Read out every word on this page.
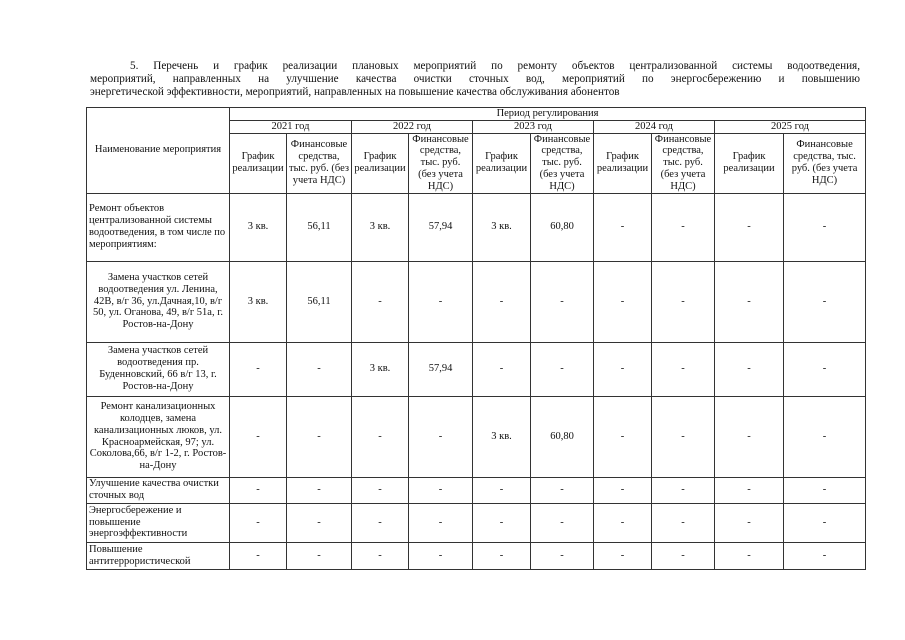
5. Перечень и график реализации плановых мероприятий по ремонту объектов централизованной системы водоотведения,
мероприятий, направленных на улучшение качества очистки сточных вод, мероприятий по энергосбережению и повышению
энергетической эффективности, мероприятий, направленных на повышение качества обслуживания абонентов

Наименование мероприятия	Период регулирования									
	2021 год		2022 год		2023 год		2024 год		2025 год	
	График реализации	Финансовые средства, тыс. руб. (без учета НДС)	График реализации	Финансовые средства, тыс. руб. (без учета НДС)	График реализации	Финансовые средства, тыс. руб. (без учета НДС)	График реализации	Финансовые средства, тыс. руб. (без учета НДС)	График реализации	Финансовые средства, тыс. руб. (без учета НДС)
Ремонт объектов централизованной системы водоотведения, в том числе по мероприятиям:	3 кв.	56,11	3 кв.	57,94	3 кв.	60,80	-	-	-	-
Замена участков сетей водоотведения ул. Ленина, 42В, в/г 36, ул.Дачная,10, в/г 50, ул. Оганова, 49, в/г 51а, г. Ростов-на-Дону	3 кв.	56,11	-	-	-	-	-	-	-	-
Замена участков сетей водоотведения пр. Буденновский, 66 в/г 13, г. Ростов-на-Дону	-	-	3 кв.	57,94	-	-	-	-	-	-
Ремонт канализационных колодцев, замена канализационных люков, ул. Красноармейская, 97; ул. Соколова,66, в/г 1-2, г. Ростов-на-Дону	-	-	-	-	3 кв.	60,80	-	-	-	-
Улучшение качества очистки сточных вод	-	-	-	-	-	-	-	-	-	-
Энергосбережение и повышение энергоэффективности	-	-	-	-	-	-	-	-	-	-
Повышение антитеррористической	-	-	-	-	-	-	-	-	-	-
